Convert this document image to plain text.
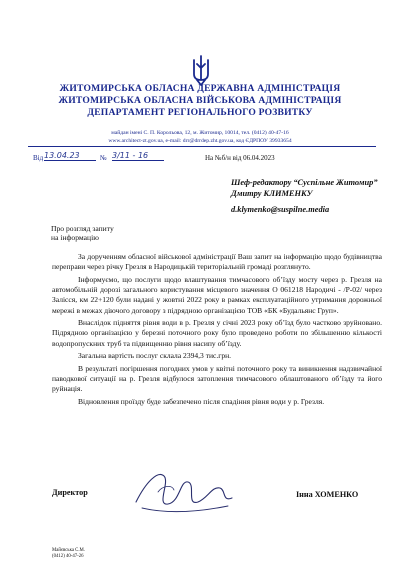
ЖИТОМИРСЬКА ОБЛАСНА ДЕРЖАВНА АДМІНІСТРАЦІЯ
ЖИТОМИРСЬКА ОБЛАСНА ВІЙСЬКОВА АДМІНІСТРАЦІЯ
ДЕПАРТАМЕНТ РЕГІОНАЛЬНОГО РОЗВИТКУ
майдан імені С. П. Корольова, 12, м. Житомир, 10014, тел. (0412) 40-47-16
www.architect-zt.gov.ua, e-mail: drr@drrdep.zht.gov.ua, код ЄДРПОУ 39933654
Від 13.04.23	№ 3/11 - 16	На №б/н від 06.04.2023
Шеф-редактору “Суспільне Житомир”
Дмитру КЛИМЕНКУ
d.klymenko@suspilne.media
Про розгляд запиту
на інформацію

За дорученням обласної військової адміністрації Ваш запит на інформацію щодо будівництва переправи через річку Грезля в Народицькій територіальній громаді розглянуто.

Інформуємо, що послуги щодо влаштування тимчасового об’їзду мосту через р. Грезля на автомобільній дорозі загального користування місцевого значення О 061218 Народичі - /Р-02/ через Залісся, км 22+120 були надані у жовтні 2022 року в рамках експлуатаційного утримання дорожньої мережі в межах діючого договору з підрядною організацією ТОВ «БК «Будальянс Груп».

Внаслідок підняття рівня води в р. Грезля у січні 2023 року об’їзд було частково зруйновано. Підрядною організацією у березні поточного року було проведено роботи по збільшенню кількості водопропускних труб та підвищенню рівня насипу об’їзду.

Загальна вартість послуг склала 2394,3 тис.грн.

В результаті погіршення погодних умов у квітні поточного року та виникнення надзвичайної паводкової ситуації на р. Грезля відбулося затоплення тимчасового облаштованого об’їзду та його руйнація.

Відновлення проїзду буде забезпечено після спадіння рівня води у р. Грезля.

Директор	Інна ХОМЕНКО
Майєвська С.М.
(0412) 40-47-26
